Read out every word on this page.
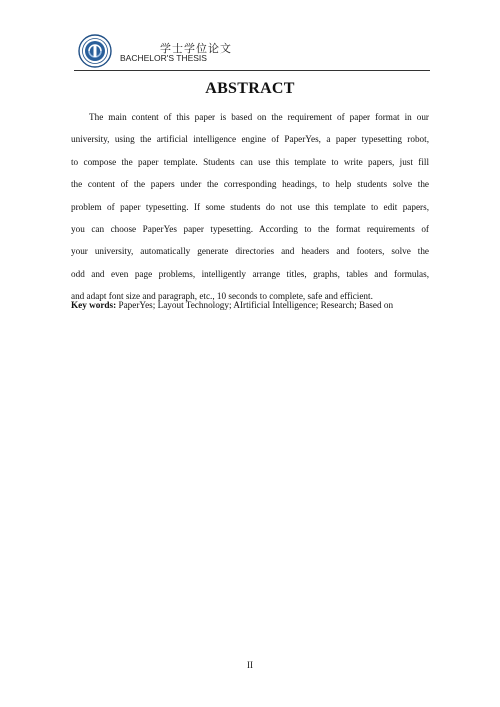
学士学位论文
BACHELOR'S THESIS
ABSTRACT
The main content of this paper is based on the requirement of paper format in our
university, using the artificial intelligence engine of PaperYes, a paper typesetting robot,
to compose the paper template. Students can use this template to write papers, just fill
the content of the papers under the corresponding headings, to help students solve the
problem of paper typesetting. If some students do not use this template to edit papers,
you can choose PaperYes paper typesetting. According to the format requirements of
your university, automatically generate directories and headers and footers, solve the
odd and even page problems, intelligently arrange titles, graphs, tables and formulas,
and adapt font size and paragraph, etc., 10 seconds to complete, safe and efficient.
Key words: PaperYes; Layout Technology; AIrtificial Intelligence; Research; Based on
II
